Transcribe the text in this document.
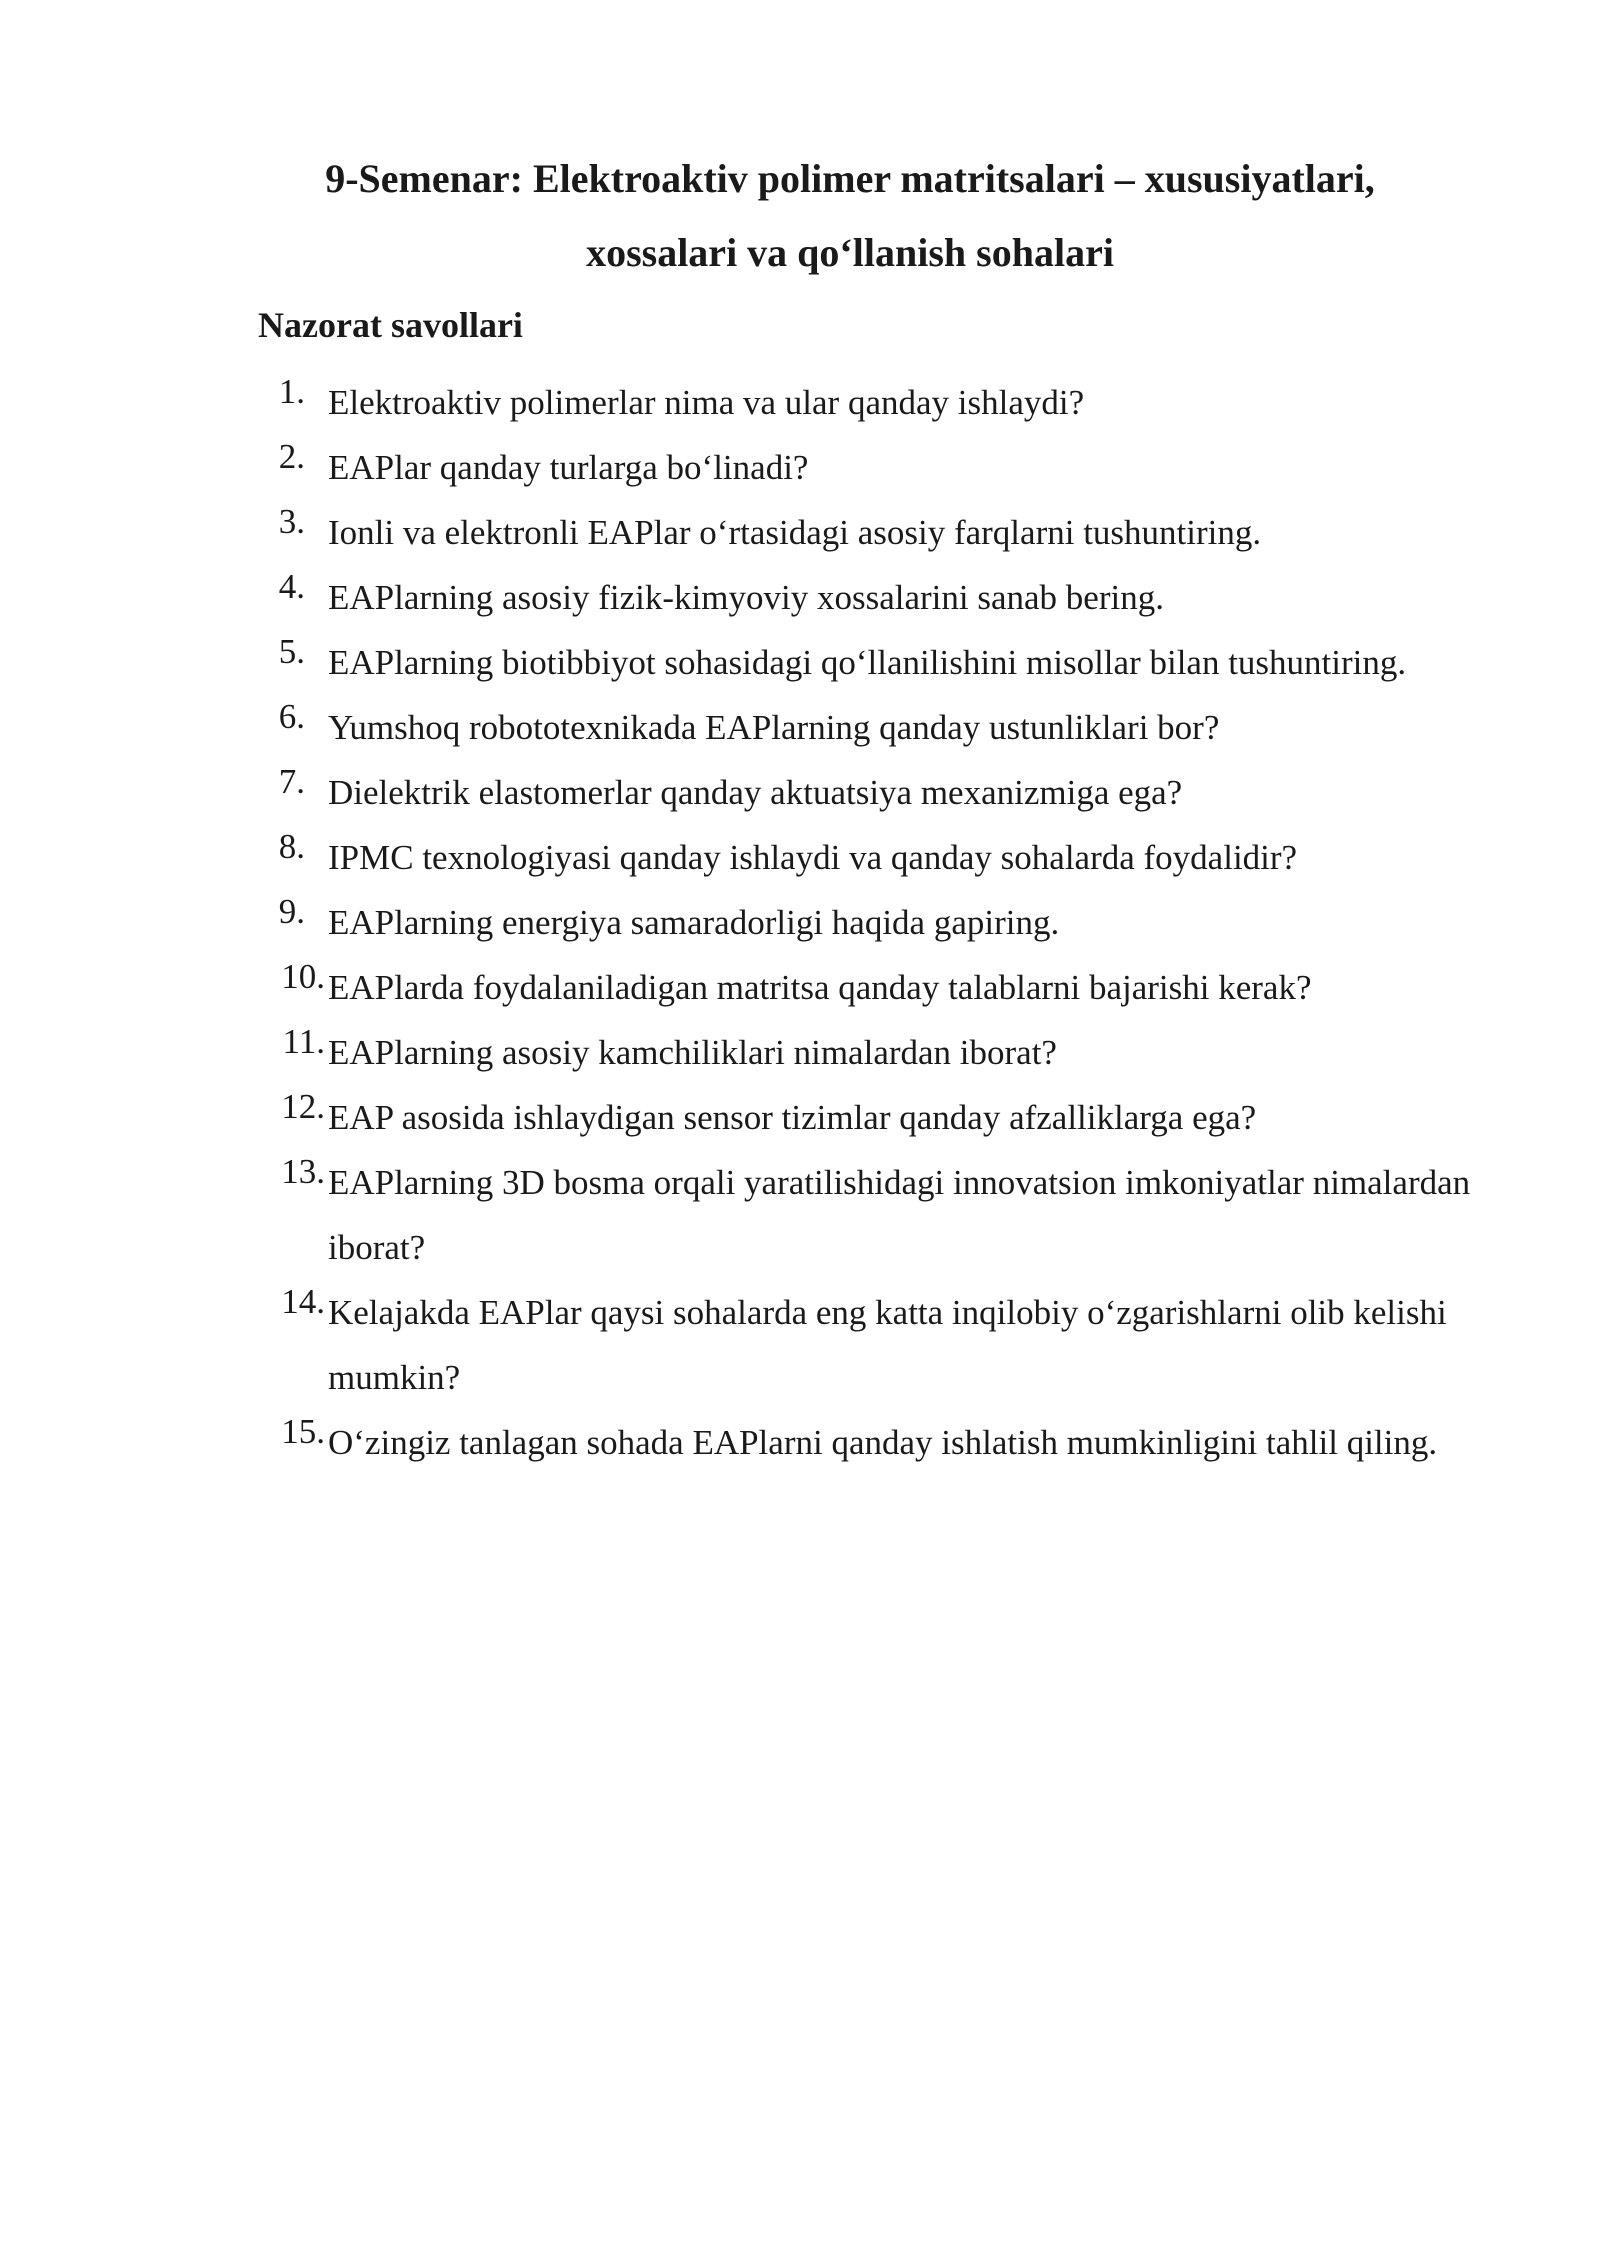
9-Semenar: Elektroaktiv polimer matritsalari – xususiyatlari,
xossalari va qo‘llanish sohalari
Nazorat savollari
1. Elektroaktiv polimerlar nima va ular qanday ishlaydi?
2. EAPlar qanday turlarga bo‘linadi?
3. Ionli va elektronli EAPlar o‘rtasidagi asosiy farqlarni tushuntiring.
4. EAPlarning asosiy fizik-kimyoviy xossalarini sanab bering.
5. EAPlarning biotibbiyot sohasidagi qo‘llanilishini misollar bilan tushuntiring.
6. Yumshoq robototexnikada EAPlarning qanday ustunliklari bor?
7. Dielektrik elastomerlar qanday aktuatsiya mexanizmiga ega?
8. IPMC texnologiyasi qanday ishlaydi va qanday sohalarda foydalidir?
9. EAPlarning energiya samaradorligi haqida gapiring.
10. EAPlarda foydalaniladigan matritsa qanday talablarni bajarishi kerak?
11. EAPlarning asosiy kamchiliklari nimalardan iborat?
12. EAP asosida ishlaydigan sensor tizimlar qanday afzalliklarga ega?
13. EAPlarning 3D bosma orqali yaratilishidagi innovatsion imkoniyatlar nimalardan iborat?
14. Kelajakda EAPlar qaysi sohalarda eng katta inqilobiy o‘zgarishlarni olib kelishi mumkin?
15. O‘zingiz tanlagan sohada EAPlarni qanday ishlatish mumkinligini tahlil qiling.
